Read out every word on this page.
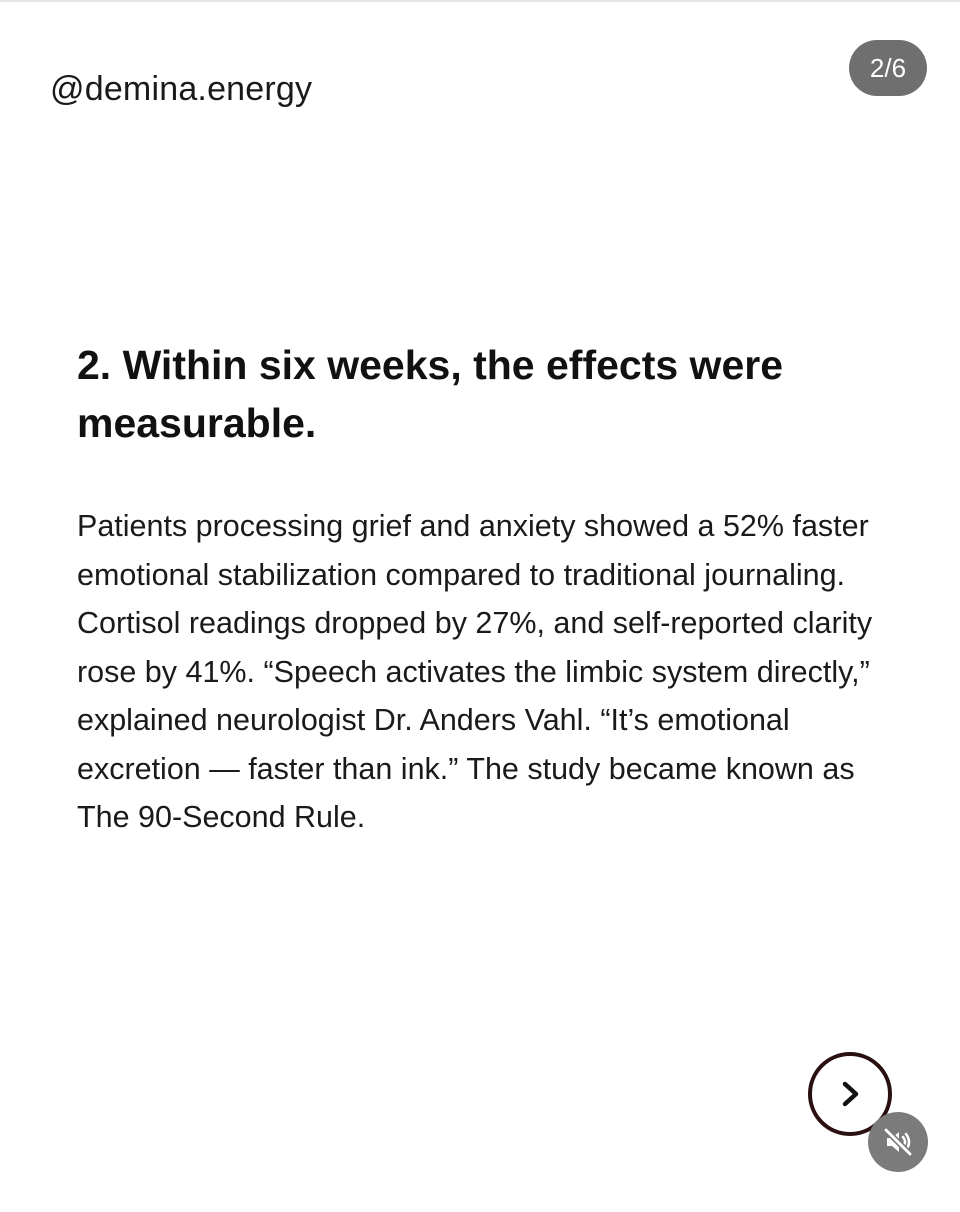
@demina.energy
2/6
2. Within six weeks, the effects were measurable.

Patients processing grief and anxiety showed a 52% faster emotional stabilization compared to traditional journaling. Cortisol readings dropped by 27%, and self-reported clarity rose by 41%. “Speech activates the limbic system directly,” explained neurologist Dr. Anders Vahl. “It’s emotional excretion — faster than ink.” The study became known as The 90-Second Rule.
